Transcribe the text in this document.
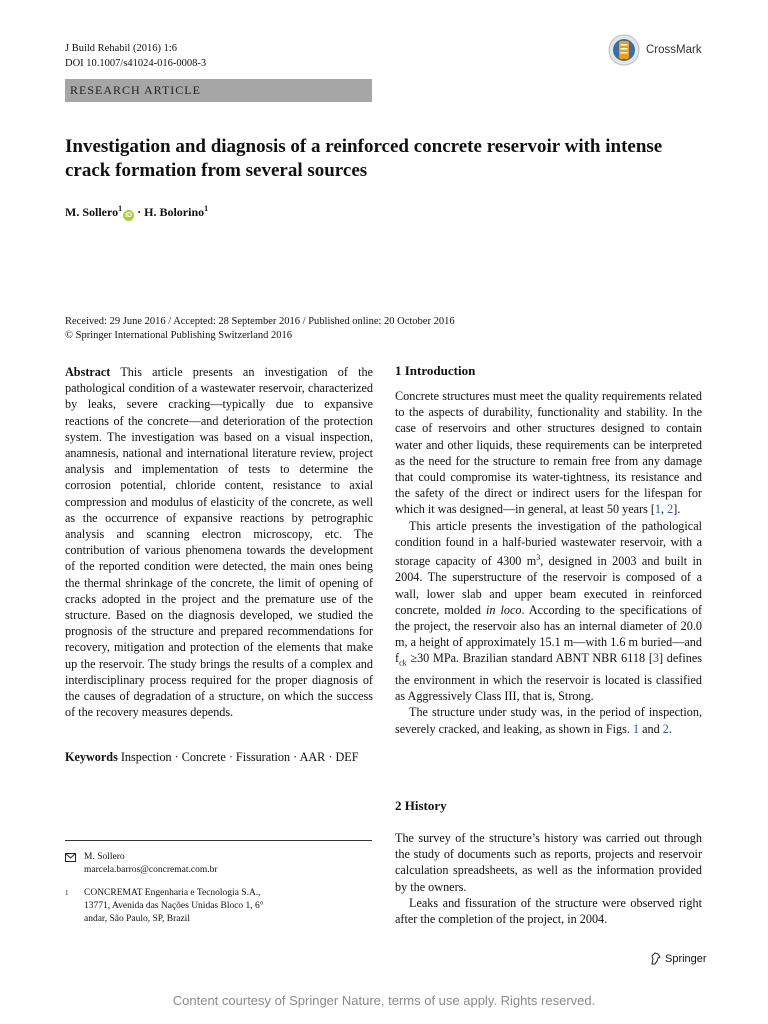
J Build Rehabil (2016) 1:6
DOI 10.1007/s41024-016-0008-3
CrossMark
RESEARCH ARTICLE
Investigation and diagnosis of a reinforced concrete reservoir with intense crack formation from several sources
M. Sollero$^1$iD · H. Bolorino$^1$
Received: 29 June 2016 / Accepted: 28 September 2016 / Published online: 20 October 2016
© Springer International Publishing Switzerland 2016
Abstract This article presents an investigation of the pathological condition of a wastewater reservoir, characterized by leaks, severe cracking—typically due to expansive reactions of the concrete—and deterioration of the protection system. The investigation was based on a visual inspection, anamnesis, national and international literature review, project analysis and implementation of tests to determine the corrosion potential, chloride content, resistance to axial compression and modulus of elasticity of the concrete, as well as the occurrence of expansive reactions by petrographic analysis and scanning electron microscopy, etc. The contribution of various phenomena towards the development of the reported condition were detected, the main ones being the thermal shrinkage of the concrete, the limit of opening of cracks adopted in the project and the premature use of the structure. Based on the diagnosis developed, we studied the prognosis of the structure and prepared recommendations for recovery, mitigation and protection of the elements that make up the reservoir. The study brings the results of a complex and interdisciplinary process required for the proper diagnosis of the causes of degradation of a structure, on which the success of the recovery measures depends.
Keywords Inspection · Concrete · Fissuration · AAR · DEF
M. Sollero
marcela.barros@concremat.com.br
1	CONCREMAT Engenharia e Tecnologia S.A., 13771, Avenida das Nações Unidas Bloco 1, 6° andar, São Paulo, SP, Brazil
1 Introduction

Concrete structures must meet the quality requirements related to the aspects of durability, functionality and stability. In the case of reservoirs and other structures designed to contain water and other liquids, these requirements can be interpreted as the need for the structure to remain free from any damage that could compromise its water-tightness, its resistance and the safety of the direct or indirect users for the lifespan for which it was designed—in general, at least 50 years [1, 2].

This article presents the investigation of the pathological condition found in a half-buried wastewater reservoir, with a storage capacity of 4300 $m^3$, designed in 2003 and built in 2004. The superstructure of the reservoir is composed of a wall, lower slab and upper beam executed in reinforced concrete, molded in loco. According to the specifications of the project, the reservoir also has an internal diameter of 20.0 m, a height of approximately 15.1 m—with 1.6 m buried—and $f_{ck} \ge 30$ MPa. Brazilian standard ABNT NBR 6118 [3] defines the environment in which the reservoir is located is classified as Aggressively Class III, that is, Strong.

The structure under study was, in the period of inspection, severely cracked, and leaking, as shown in Figs. 1 and 2.

2 History

The survey of the structure’s history was carried out through the study of documents such as reports, projects and reservoir calculation spreadsheets, as well as the information provided by the owners.

Leaks and fissuration of the structure were observed right after the completion of the project, in 2004.

Springer
Content courtesy of Springer Nature, terms of use apply. Rights reserved.
